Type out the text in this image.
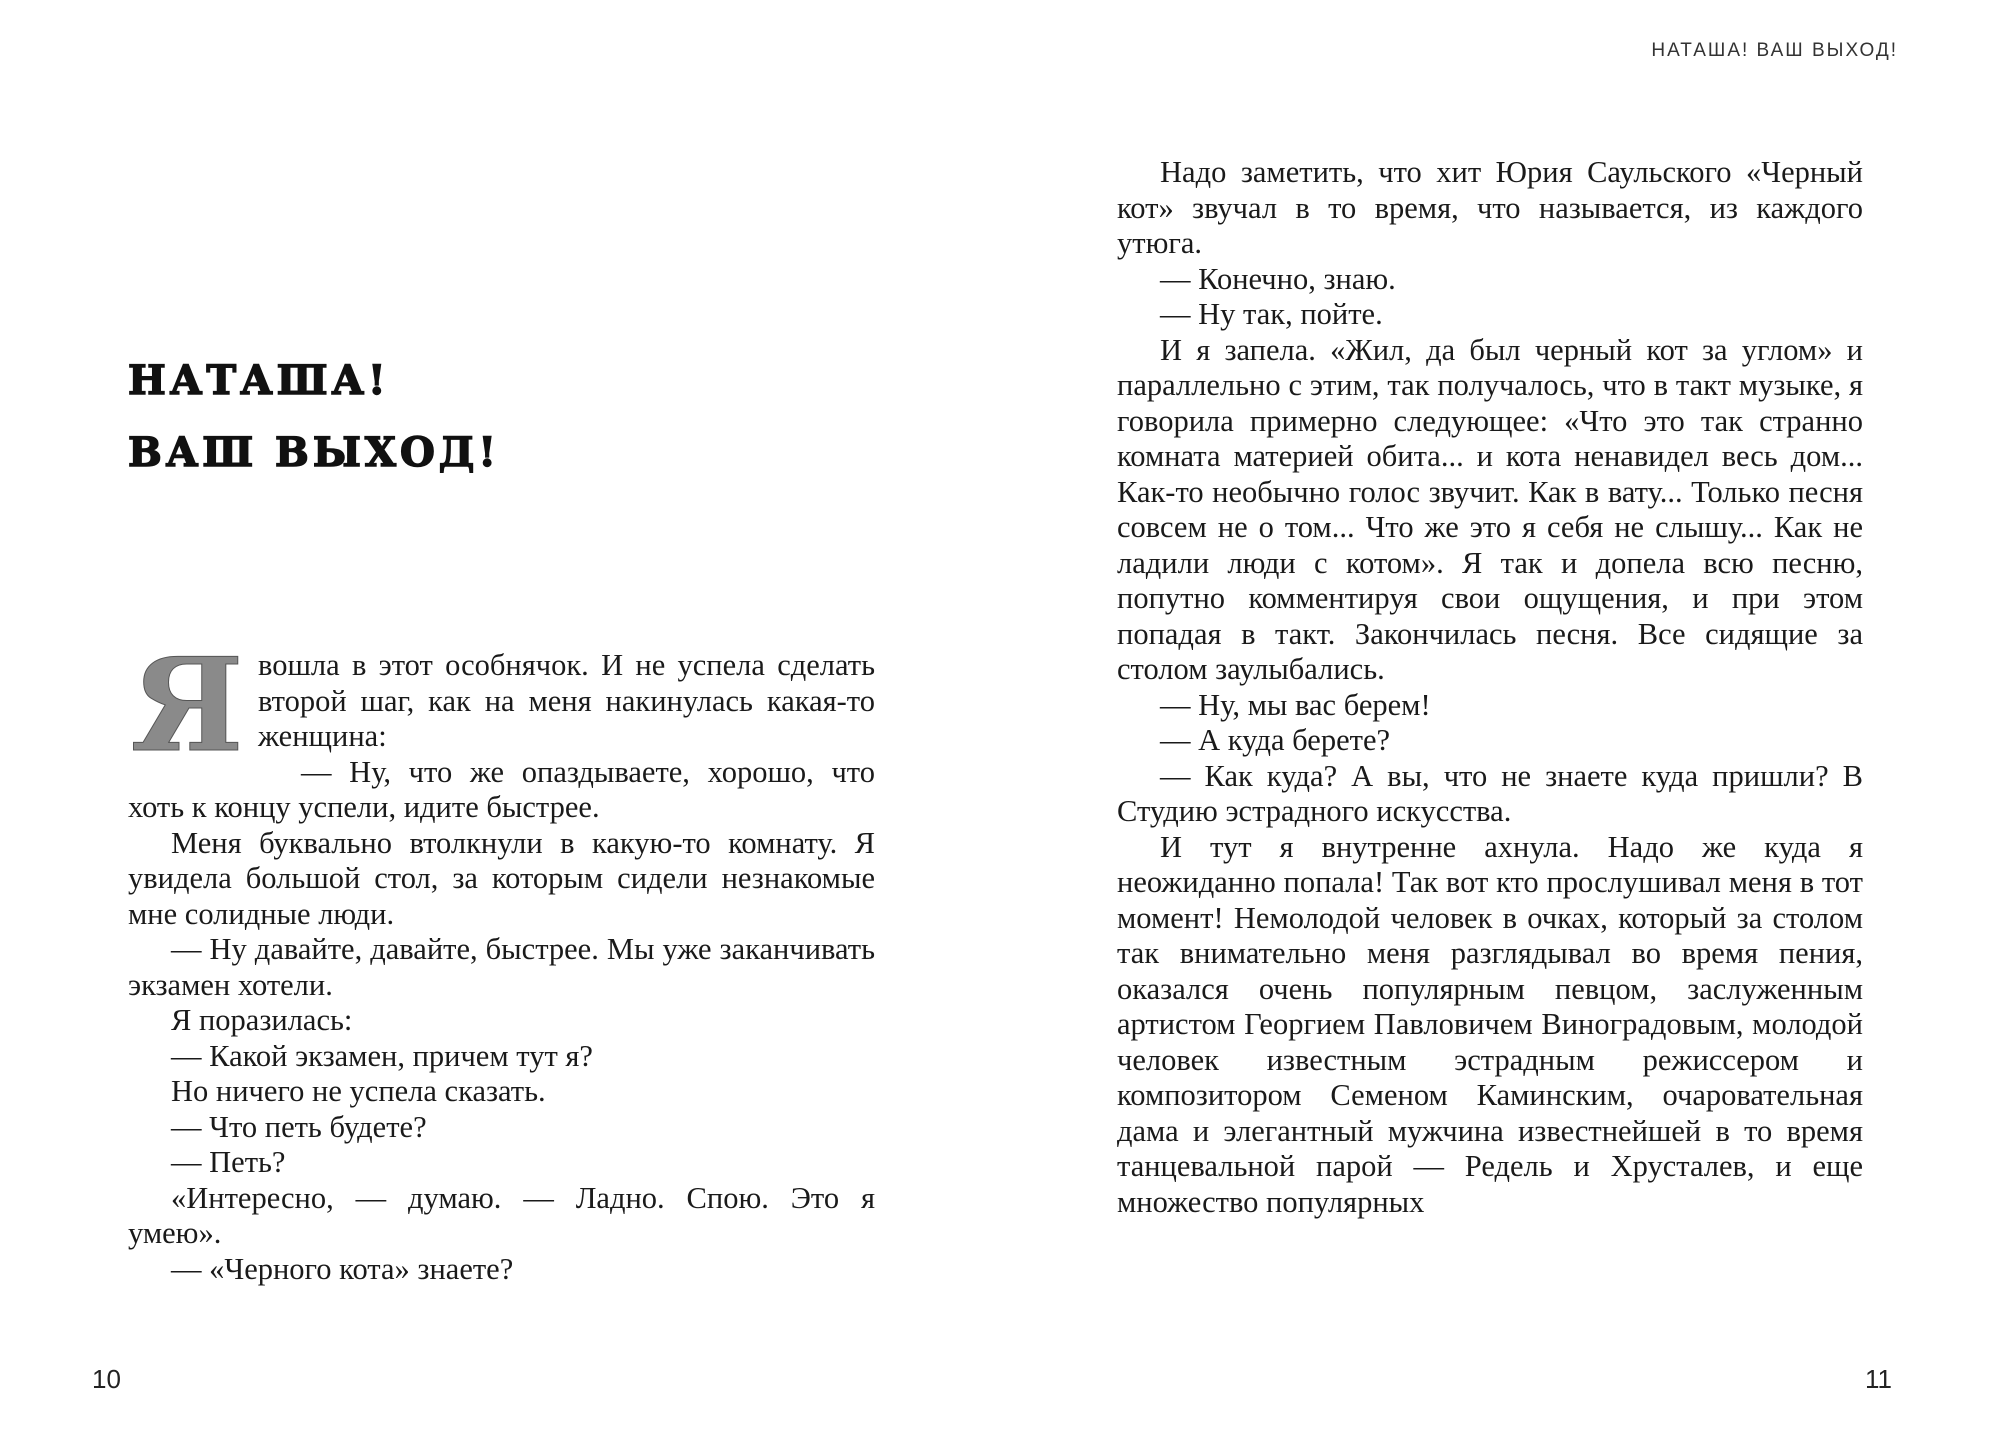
НАТАША!
ВАШ ВЫХОД!

Я вошла в этот особнячок. И не успела сделать второй шаг, как на меня накинулась какая-то женщина:

— Ну, что же опаздываете, хорошо, что хоть к концу успели, идите быстрее.

Меня буквально втолкнули в какую-то комнату. Я увидела большой стол, за которым сидели незнакомые мне солидные люди.

— Ну давайте, давайте, быстрее. Мы уже заканчивать экзамен хотели.

Я поразилась:

— Какой экзамен, причем тут я?

Но ничего не успела сказать.

— Что петь будете?

— Петь?

«Интересно, — думаю. — Ладно. Спою. Это я умею».

— «Черного кота» знаете?

10
НАТАША! ВАШ ВЫХОД!

Надо заметить, что хит Юрия Саульского «Черный кот» звучал в то время, что называется, из каждого утюга.

— Конечно, знаю.

— Ну так, пойте.

И я запела. «Жил, да был черный кот за углом» и параллельно с этим, так получалось, что в такт музыке, я говорила примерно следующее: «Что это так странно комната материей обита... и кота ненавидел весь дом... Как-то необычно голос звучит. Как в вату... Только песня совсем не о том... Что же это я себя не слышу... Как не ладили люди с котом». Я так и допела всю песню, попутно комментируя свои ощущения, и при этом попадая в такт. Закончилась песня. Все сидящие за столом заулыбались.

— Ну, мы вас берем!

— А куда берете?

— Как куда? А вы, что не знаете куда пришли? В Студию эстрадного искусства.

И тут я внутренне ахнула. Надо же куда я неожиданно попала! Так вот кто прослушивал меня в тот момент! Немолодой человек в очках, который за столом так внимательно меня разглядывал во время пения, оказался очень популярным певцом, заслуженным артистом Георгием Павловичем Виноградовым, молодой человек известным эстрадным режиссером и композитором Семеном Каминским, очаровательная дама и элегантный мужчина известнейшей в то время танцевальной парой — Редель и Хрусталев, и еще множество популярных

11
